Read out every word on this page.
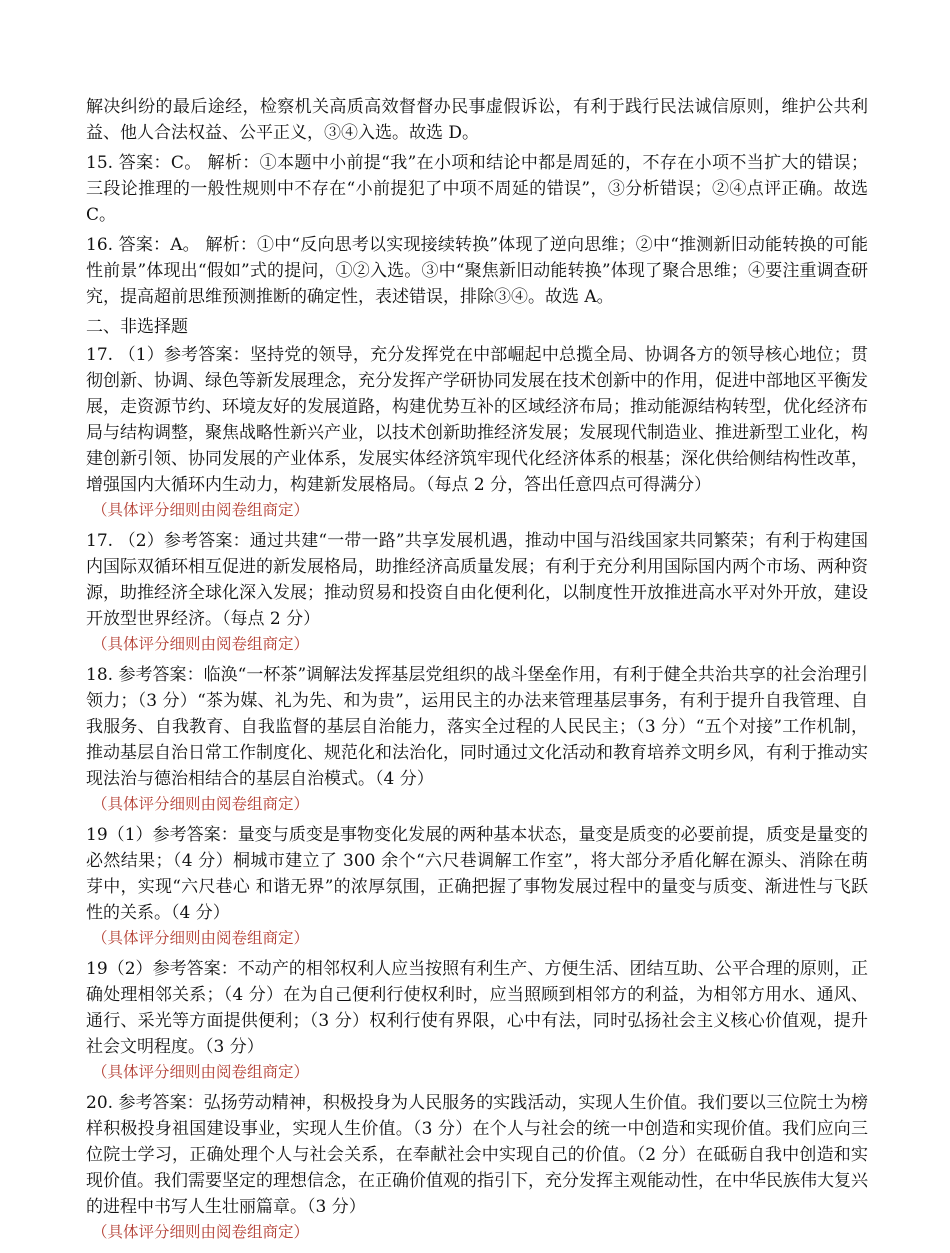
解决纠纷的最后途经，检察机关高质高效督督办民事虚假诉讼，有利于践行民法诚信原则，维护公共利益、他人合法权益、公平正义，③④入选。故选 D。

15. 答案：C。 解析：①本题中小前提“我”在小项和结论中都是周延的，不存在小项不当扩大的错误；三段论推理的一般性规则中不存在“小前提犯了中项不周延的错误”，③分析错误；②④点评正确。故选 C。

16. 答案：A。 解析：①中“反向思考以实现接续转换”体现了逆向思维；②中“推测新旧动能转换的可能性前景”体现出“假如”式的提问，①②入选。③中“聚焦新旧动能转换”体现了聚合思维；④要注重调查研究，提高超前思维预测推断的确定性，表述错误，排除③④。故选 A。

二、非选择题

17. （1）参考答案：坚持党的领导，充分发挥党在中部崛起中总揽全局、协调各方的领导核心地位；贯彻创新、协调、绿色等新发展理念，充分发挥产学研协同发展在技术创新中的作用，促进中部地区平衡发展，走资源节约、环境友好的发展道路，构建优势互补的区域经济布局；推动能源结构转型，优化经济布局与结构调整，聚焦战略性新兴产业，以技术创新助推经济发展；发展现代制造业、推进新型工业化，构建创新引领、协同发展的产业体系，发展实体经济筑牢现代化经济体系的根基；深化供给侧结构性改革，增强国内大循环内生动力，构建新发展格局。（每点 2 分，答出任意四点可得满分）

（具体评分细则由阅卷组商定）

17. （2）参考答案：通过共建“一带一路”共享发展机遇，推动中国与沿线国家共同繁荣；有利于构建国内国际双循环相互促进的新发展格局，助推经济高质量发展；有利于充分利用国际国内两个市场、两种资源，助推经济全球化深入发展；推动贸易和投资自由化便利化，以制度性开放推进高水平对外开放，建设开放型世界经济。（每点 2 分）

（具体评分细则由阅卷组商定）

18. 参考答案：临涣“一杯茶”调解法发挥基层党组织的战斗堡垒作用，有利于健全共治共享的社会治理引领力；（3 分）“茶为媒、礼为先、和为贵”，运用民主的办法来管理基层事务，有利于提升自我管理、自我服务、自我教育、自我监督的基层自治能力，落实全过程的人民民主；（3 分）“五个对接”工作机制，推动基层自治日常工作制度化、规范化和法治化，同时通过文化活动和教育培养文明乡风，有利于推动实现法治与德治相结合的基层自治模式。（4 分）

（具体评分细则由阅卷组商定）

19（1）参考答案：量变与质变是事物变化发展的两种基本状态，量变是质变的必要前提，质变是量变的必然结果；（4 分）桐城市建立了 300 余个“六尺巷调解工作室”，将大部分矛盾化解在源头、消除在萌芽中，实现“六尺巷心 和谐无界”的浓厚氛围，正确把握了事物发展过程中的量变与质变、渐进性与飞跃性的关系。（4 分）

（具体评分细则由阅卷组商定）

19（2）参考答案：不动产的相邻权利人应当按照有利生产、方便生活、团结互助、公平合理的原则，正确处理相邻关系；（4 分）在为自己便利行使权利时，应当照顾到相邻方的利益，为相邻方用水、通风、通行、采光等方面提供便利；（3 分）权利行使有界限，心中有法，同时弘扬社会主义核心价值观，提升社会文明程度。（3 分）

（具体评分细则由阅卷组商定）

20. 参考答案：弘扬劳动精神，积极投身为人民服务的实践活动，实现人生价值。我们要以三位院士为榜样积极投身祖国建设事业，实现人生价值。（3 分）在个人与社会的统一中创造和实现价值。我们应向三位院士学习，正确处理个人与社会关系，在奉献社会中实现自己的价值。（2 分）在砥砺自我中创造和实现价值。我们需要坚定的理想信念，在正确价值观的指引下，充分发挥主观能动性，在中华民族伟大复兴的进程中书写人生壮丽篇章。（3 分）

（具体评分细则由阅卷组商定）
